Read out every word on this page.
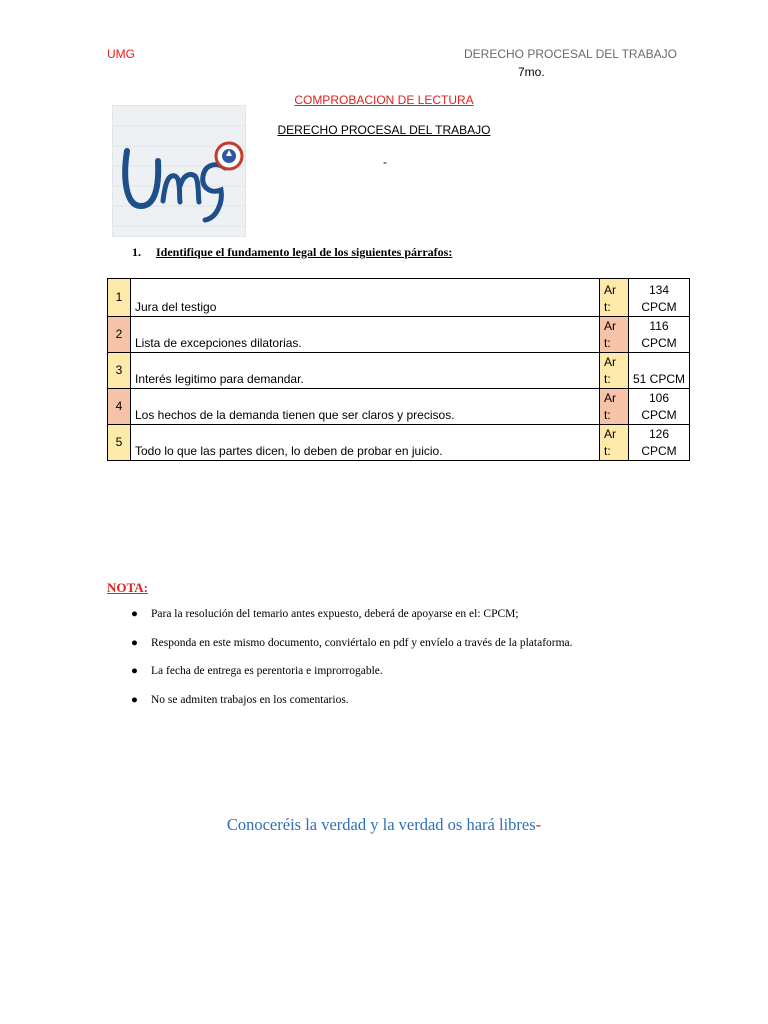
UMG	DERECHO PROCESAL DEL TRABAJO
7mo.
COMPROBACION DE LECTURA
DERECHO PROCESAL DEL TRABAJO
-
1. Identifique el fundamento legal de los siguientes párrafos:
1	Jura del testigo	Ar t:	134 CPCM
2	Lista de excepciones dilatorias.	Ar t:	116 CPCM
3	Interés legitimo para demandar.	Ar t:	51 CPCM
4	Los hechos de la demanda tienen que ser claros y precisos.	Ar t:	106 CPCM
5	Todo lo que las partes dicen, lo deben de probar en juicio.	Ar t:	126 CPCM
NOTA:
● Para la resolución del temario antes expuesto, deberá de apoyarse en el: CPCM;
● Responda en este mismo documento, conviértalo en pdf y envíelo a través de la plataforma.
● La fecha de entrega es perentoria e improrrogable.
● No se admiten trabajos en los comentarios.
Conoceréis la verdad y la verdad os hará libres-
